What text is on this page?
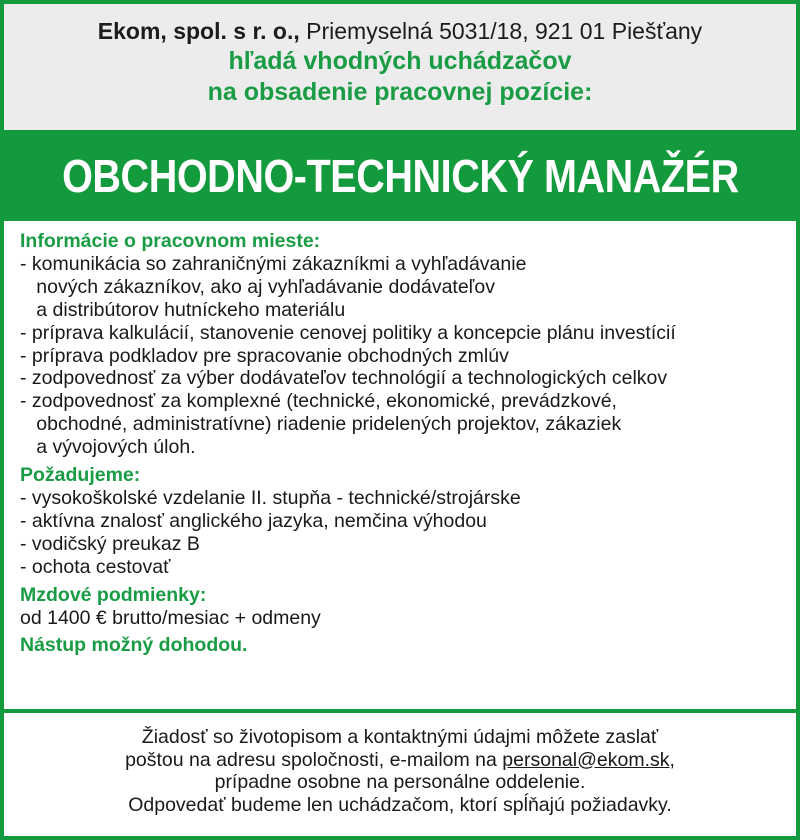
Ekom, spol. s r. o., Priemyselná 5031/18, 921 01 Piešťany
hľadá vhodných uchádzačov
na obsadenie pracovnej pozície:
OBCHODNO-TECHNICKÝ MANAŽÉR
Informácie o pracovnom mieste:
- komunikácia so zahraničnými zákazníkmi a vyhľadávanie
nových zákazníkov, ako aj vyhľadávanie dodávateľov
a distribútorov hutníckeho materiálu
- príprava kalkulácií, stanovenie cenovej politiky a koncepcie plánu investícií
- príprava podkladov pre spracovanie obchodných zmlúv
- zodpovednosť za výber dodávateľov technológií a technologických celkov
- zodpovednosť za komplexné (technické, ekonomické, prevádzkové,
obchodné, administratívne) riadenie pridelených projektov, zákaziek
a vývojových úloh.
Požadujeme:
- vysokoškolské vzdelanie II. stupňa - technické/strojárske
- aktívna znalosť anglického jazyka, nemčina výhodou
- vodičský preukaz B
- ochota cestovať
Mzdové podmienky:
od 1400 € brutto/mesiac + odmeny
Nástup možný dohodou.
Žiadosť so životopisom a kontaktnými údajmi môžete zaslať
poštou na adresu spoločnosti, e-mailom na personal@ekom.sk,
prípadne osobne na personálne oddelenie.
Odpovedať budeme len uchádzačom, ktorí spĺňajú požiadavky.
